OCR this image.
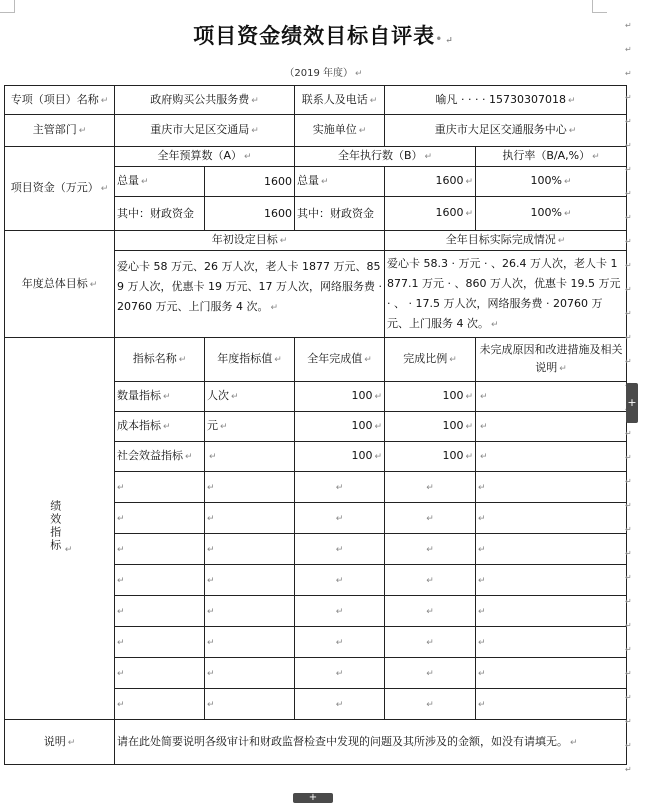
项目资金绩效目标自评表• ↵
（2019 年度） ↵
专项（项目）名称 ↵	政府购买公共服务费 ↵		联系人及电话 ↵	喻凡 · · · · 15730307018 ↵	
主管部门 ↵	重庆市大足区交通局 ↵		实施单位 ↵	重庆市大足区交通服务中心 ↵	
项目资金（万元） ↵	全年预算数（A） ↵		全年执行数（B） ↵		执行率（B/A,%） ↵
	总量 ↵	1600	总量 ↵	1600 ↵	100% ↵
	其中：财政资金	1600	其中：财政资金	1600 ↵	100% ↵
年度总体目标 ↵	年初设定目标 ↵			全年目标实际完成情况 ↵	
	爱心卡 58 万元、26 万人次，老人卡 1877 万元、859 万人次，优惠卡 19 万元、17 万人次，网络服务费 · 20760 万元、上门服务 4 次。 ↵			爱心卡 58.3 · 万元 · 、26.4 万人次，老人卡 1877.1 万元 · 、860 万人次，优惠卡 19.5 万元 · 、 · 17.5 万人次，网络服务费 · 20760 万元、上门服务 4 次。 ↵	
绩效指标 ↵	指标名称 ↵	年度指标值 ↵	全年完成值 ↵	完成比例 ↵	未完成原因和改进措施及相关说明 ↵
	数量指标 ↵	人次 ↵	100 ↵	100 ↵	↵
	成本指标 ↵	元 ↵	100 ↵	100 ↵	↵
	社会效益指标 ↵	↵	100 ↵	100 ↵	↵
	↵	↵	↵	↵	↵
	↵	↵	↵	↵	↵
	↵	↵	↵	↵	↵
	↵	↵	↵	↵	↵
	↵	↵	↵	↵	↵
	↵	↵	↵	↵	↵
	↵	↵	↵	↵	↵
	↵	↵	↵	↵	↵
说明 ↵	请在此处简要说明各级审计和财政监督检查中发现的问题及其所涉及的金额，如没有请填无。 ↵				
↵
↵
↵
↵
↵
↵
↵
↵
↵
↵
↵
↵
↵
↵
↵
↵
↵
↵
↵
↵
↵
↵
↵
↵
↵
↵
↵
↵
↵
↵
+
+
